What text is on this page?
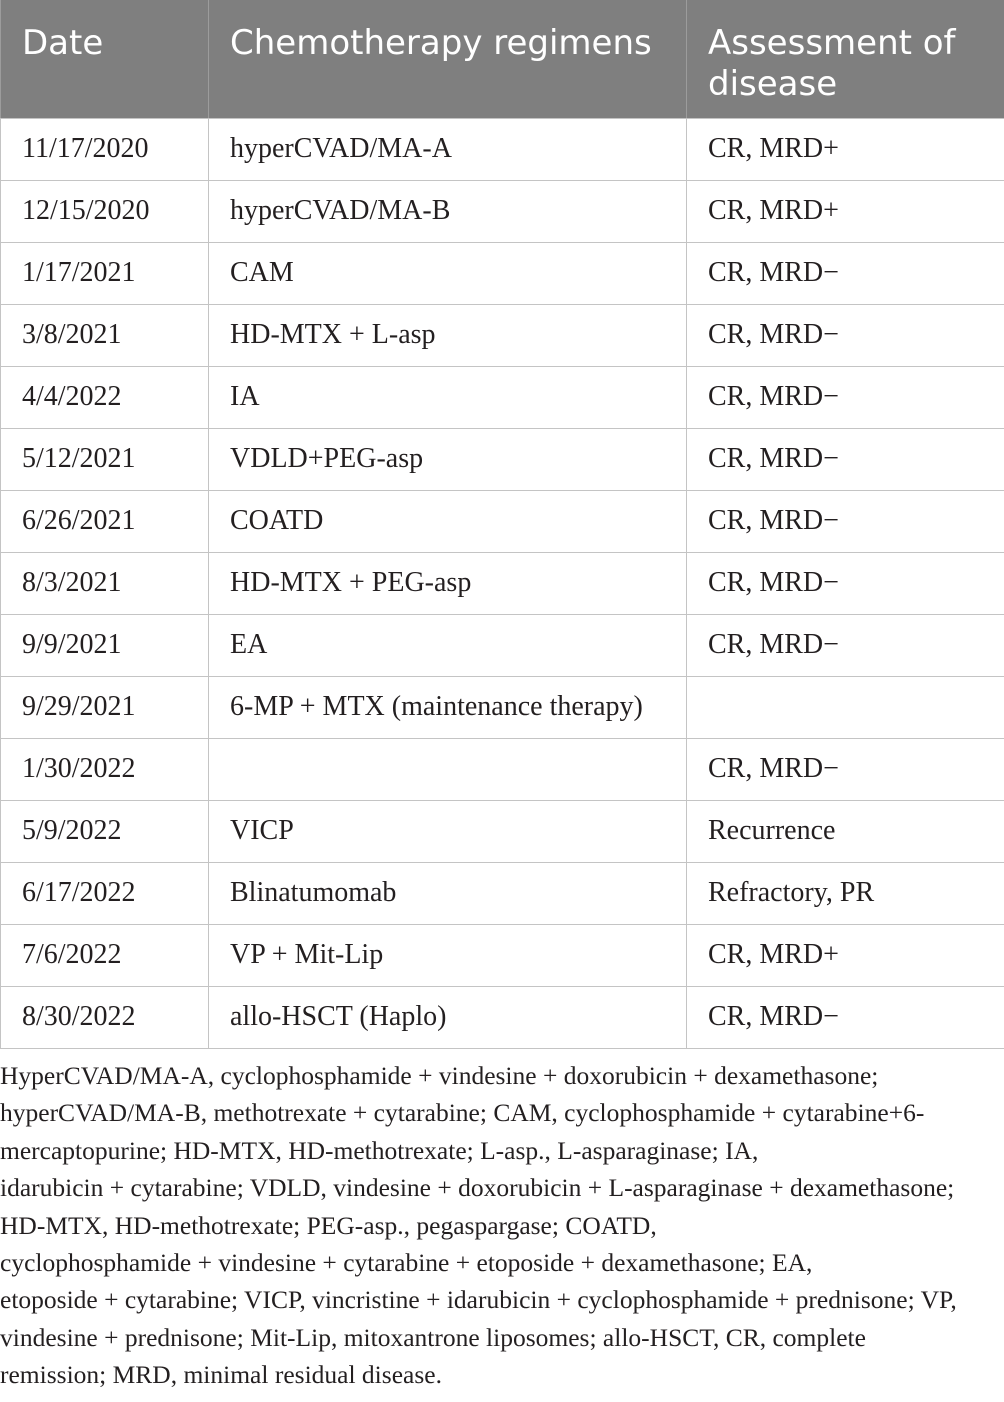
Date	Chemotherapy regimens	Assessment of disease
11/17/2020	hyperCVAD/MA-A	CR, MRD+
12/15/2020	hyperCVAD/MA-B	CR, MRD+
1/17/2021	CAM	CR, MRD−
3/8/2021	HD-MTX + L-asp	CR, MRD−
4/4/2022	IA	CR, MRD−
5/12/2021	VDLD+PEG-asp	CR, MRD−
6/26/2021	COATD	CR, MRD−
8/3/2021	HD-MTX + PEG-asp	CR, MRD−
9/9/2021	EA	CR, MRD−
9/29/2021	6-MP + MTX (maintenance therapy)	
1/30/2022		CR, MRD−
5/9/2022	VICP	Recurrence
6/17/2022	Blinatumomab	Refractory, PR
7/6/2022	VP + Mit-Lip	CR, MRD+
8/30/2022	allo-HSCT (Haplo)	CR, MRD−
HyperCVAD/MA-A, cyclophosphamide + vindesine + doxorubicin + dexamethasone;
hyperCVAD/MA-B, methotrexate + cytarabine; CAM, cyclophosphamide + cytarabine+6-
mercaptopurine; HD-MTX, HD-methotrexate; L-asp., L-asparaginase; IA,
idarubicin + cytarabine; VDLD, vindesine + doxorubicin + L-asparaginase + dexamethasone;
HD-MTX, HD-methotrexate; PEG-asp., pegaspargase; COATD,
cyclophosphamide + vindesine + cytarabine + etoposide + dexamethasone; EA,
etoposide + cytarabine; VICP, vincristine + idarubicin + cyclophosphamide + prednisone; VP,
vindesine + prednisone; Mit-Lip, mitoxantrone liposomes; allo-HSCT, CR, complete
remission; MRD, minimal residual disease.
